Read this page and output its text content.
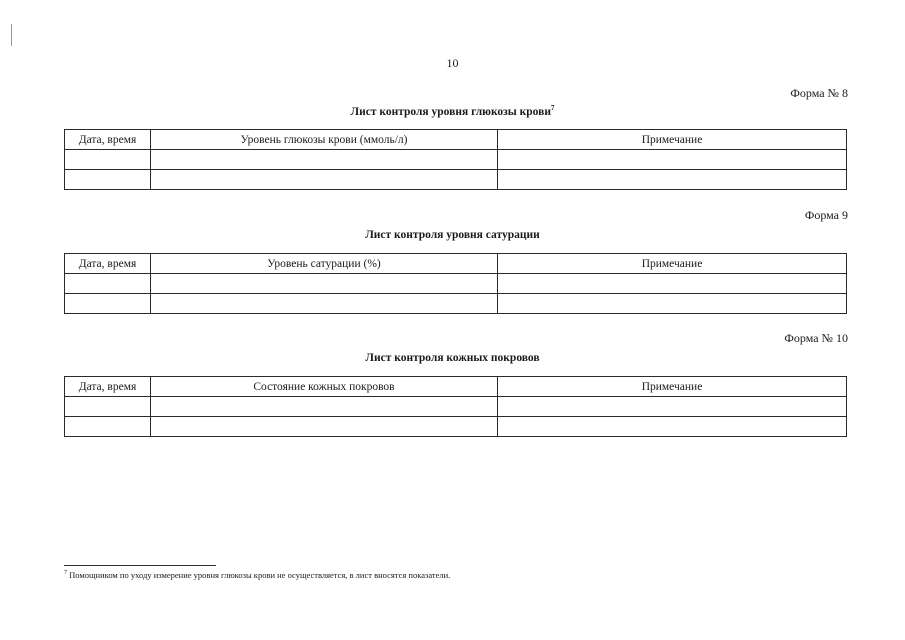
10
Форма № 8
Лист контроля уровня глюкозы крови$^7$
Дата, время	Уровень глюкозы крови (ммоль/л)	Примечание

Форма 9
Лист контроля уровня сатурации
Дата, время	Уровень сатурации (%)	Примечание

Форма № 10
Лист контроля кожных покровов
Дата, время	Состояние кожных покровов	Примечание

$^7$ Помощником по уходу измерение уровня глюкозы крови не осуществляется, в лист вносятся показатели.
